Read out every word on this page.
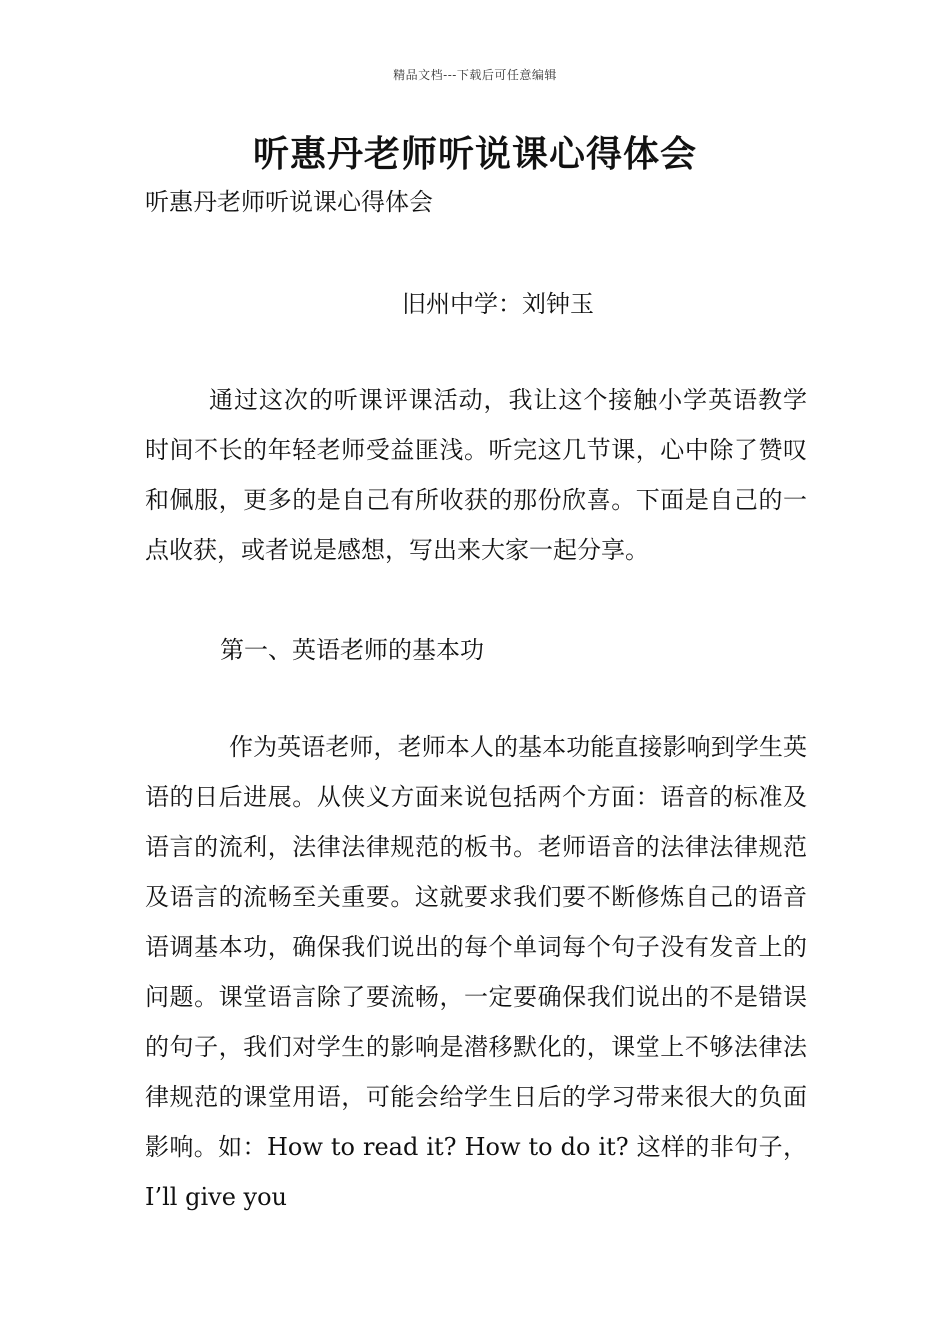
精品文档---下载后可任意编辑
听惠丹老师听说课心得体会
听惠丹老师听说课心得体会
旧州中学：刘钟玉
通过这次的听课评课活动，我让这个接触小学英语教学时间不长的年轻老师受益匪浅。听完这几节课，心中除了赞叹和佩服，更多的是自己有所收获的那份欣喜。下面是自己的一点收获，或者说是感想，写出来大家一起分享。
第一、英语老师的基本功
作为英语老师，老师本人的基本功能直接影响到学生英语的日后进展。从侠义方面来说包括两个方面：语音的标准及语言的流利，法律法律规范的板书。老师语音的法律法律规范及语言的流畅至关重要。这就要求我们要不断修炼自己的语音语调基本功，确保我们说出的每个单词每个句子没有发音上的问题。课堂语言除了要流畅，一定要确保我们说出的不是错误的句子，我们对学生的影响是潜移默化的，课堂上不够法律法律规范的课堂用语，可能会给学生日后的学习带来很大的负面影响。如：How to read it? How to do it? 这样的非句子，I’ll give you
